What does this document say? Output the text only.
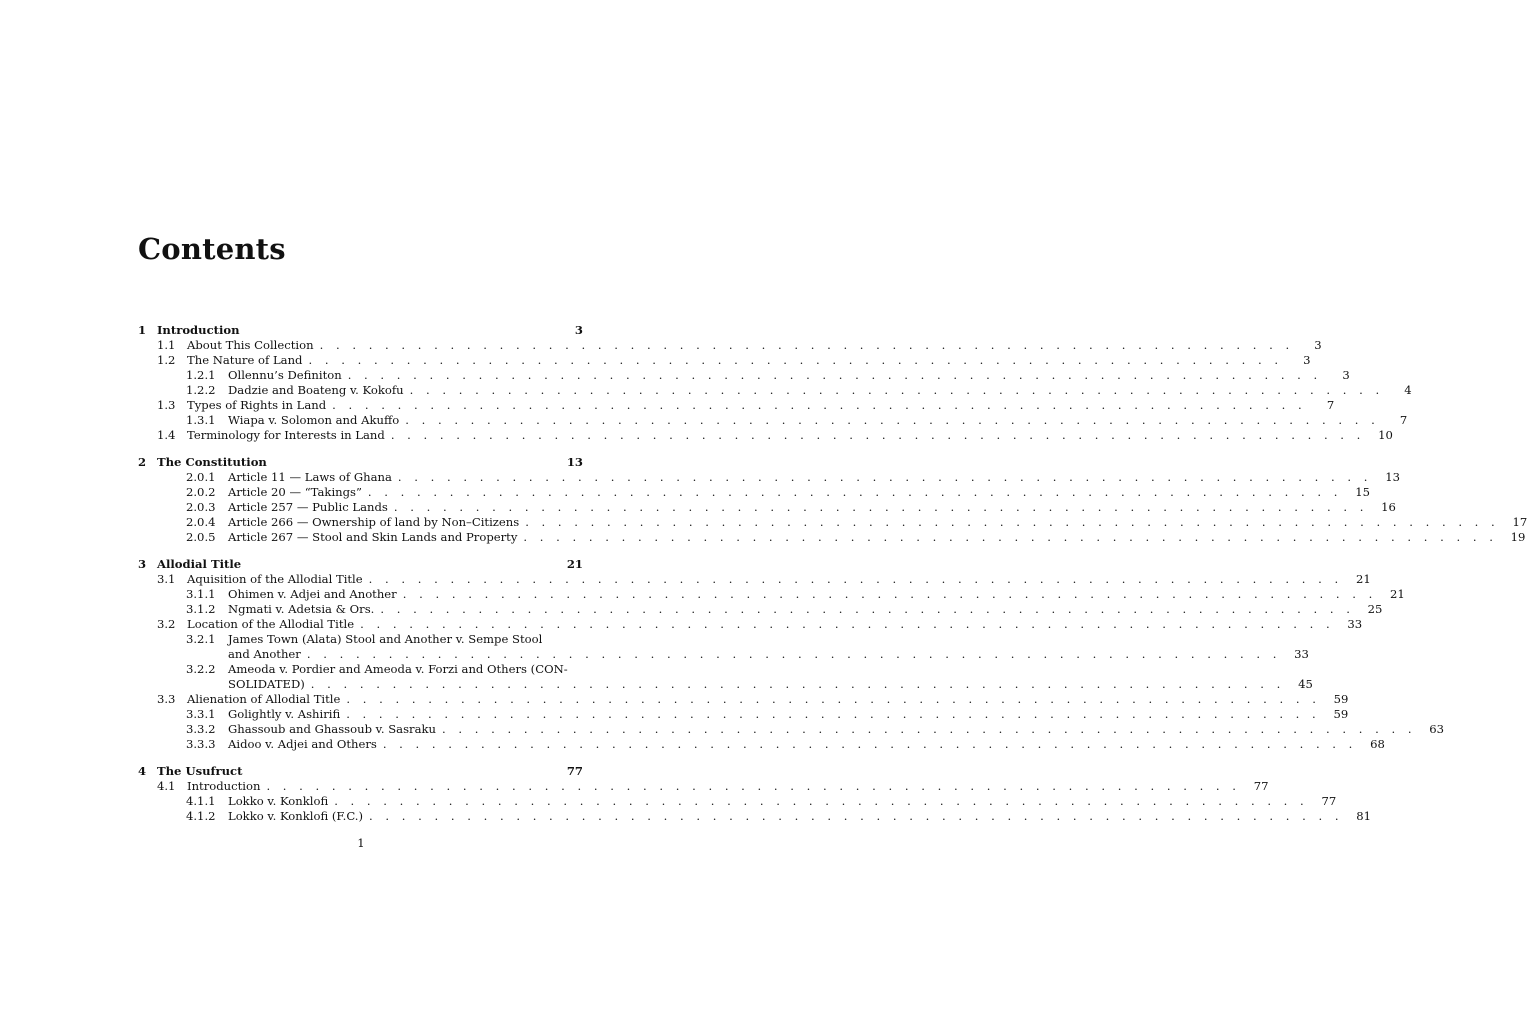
Contents
1 Introduction	3
1.1 About This Collection . . .	3
1.2 The Nature of Land . . .	3
1.2.1	Ollennu’s Definiton . . .	3
1.2.2	Dadzie and Boateng v. Kokofu . . .	4
1.3 Types of Rights in Land . . .	7
1.3.1	Wiapa v. Solomon and Akuffo . . .	7
1.4 Terminology for Interests in Land . . .	10
2 The Constitution	13
2.0.1	Article 11 — Laws of Ghana . . .	13
2.0.2	Article 20 — “Takings” . . .	15
2.0.3	Article 257 — Public Lands . . .	16
2.0.4	Article 266 — Ownership of land by Non–Citizens . . .	17
2.0.5	Article 267 — Stool and Skin Lands and Property . . .	19
3 Allodial Title	21
3.1 Aquisition of the Allodial Title . . .	21
3.1.1	Ohimen v. Adjei and Another . . .	21
3.1.2	Ngmati v. Adetsia & Ors. . . .	25
3.2 Location of the Allodial Title . . .	33
3.2.1	James Town (Alata) Stool and Another v. Sempe Stool
and Another . . .	33
3.2.2	Ameoda v. Pordier and Ameoda v. Forzi and Others (CON-
SOLIDATED) . . .	45
3.3 Alienation of Allodial Title . . .	59
3.3.1	Golightly v. Ashirifi . . .	59
3.3.2	Ghassoub and Ghassoub v. Sasraku . . .	63
3.3.3	Aidoo v. Adjei and Others . . .	68
4 The Usufruct	77
4.1 Introduction . . .	77
4.1.1	Lokko v. Konklofi . . .	77
4.1.2	Lokko v. Konklofi (F.C.) . . .	81
1
